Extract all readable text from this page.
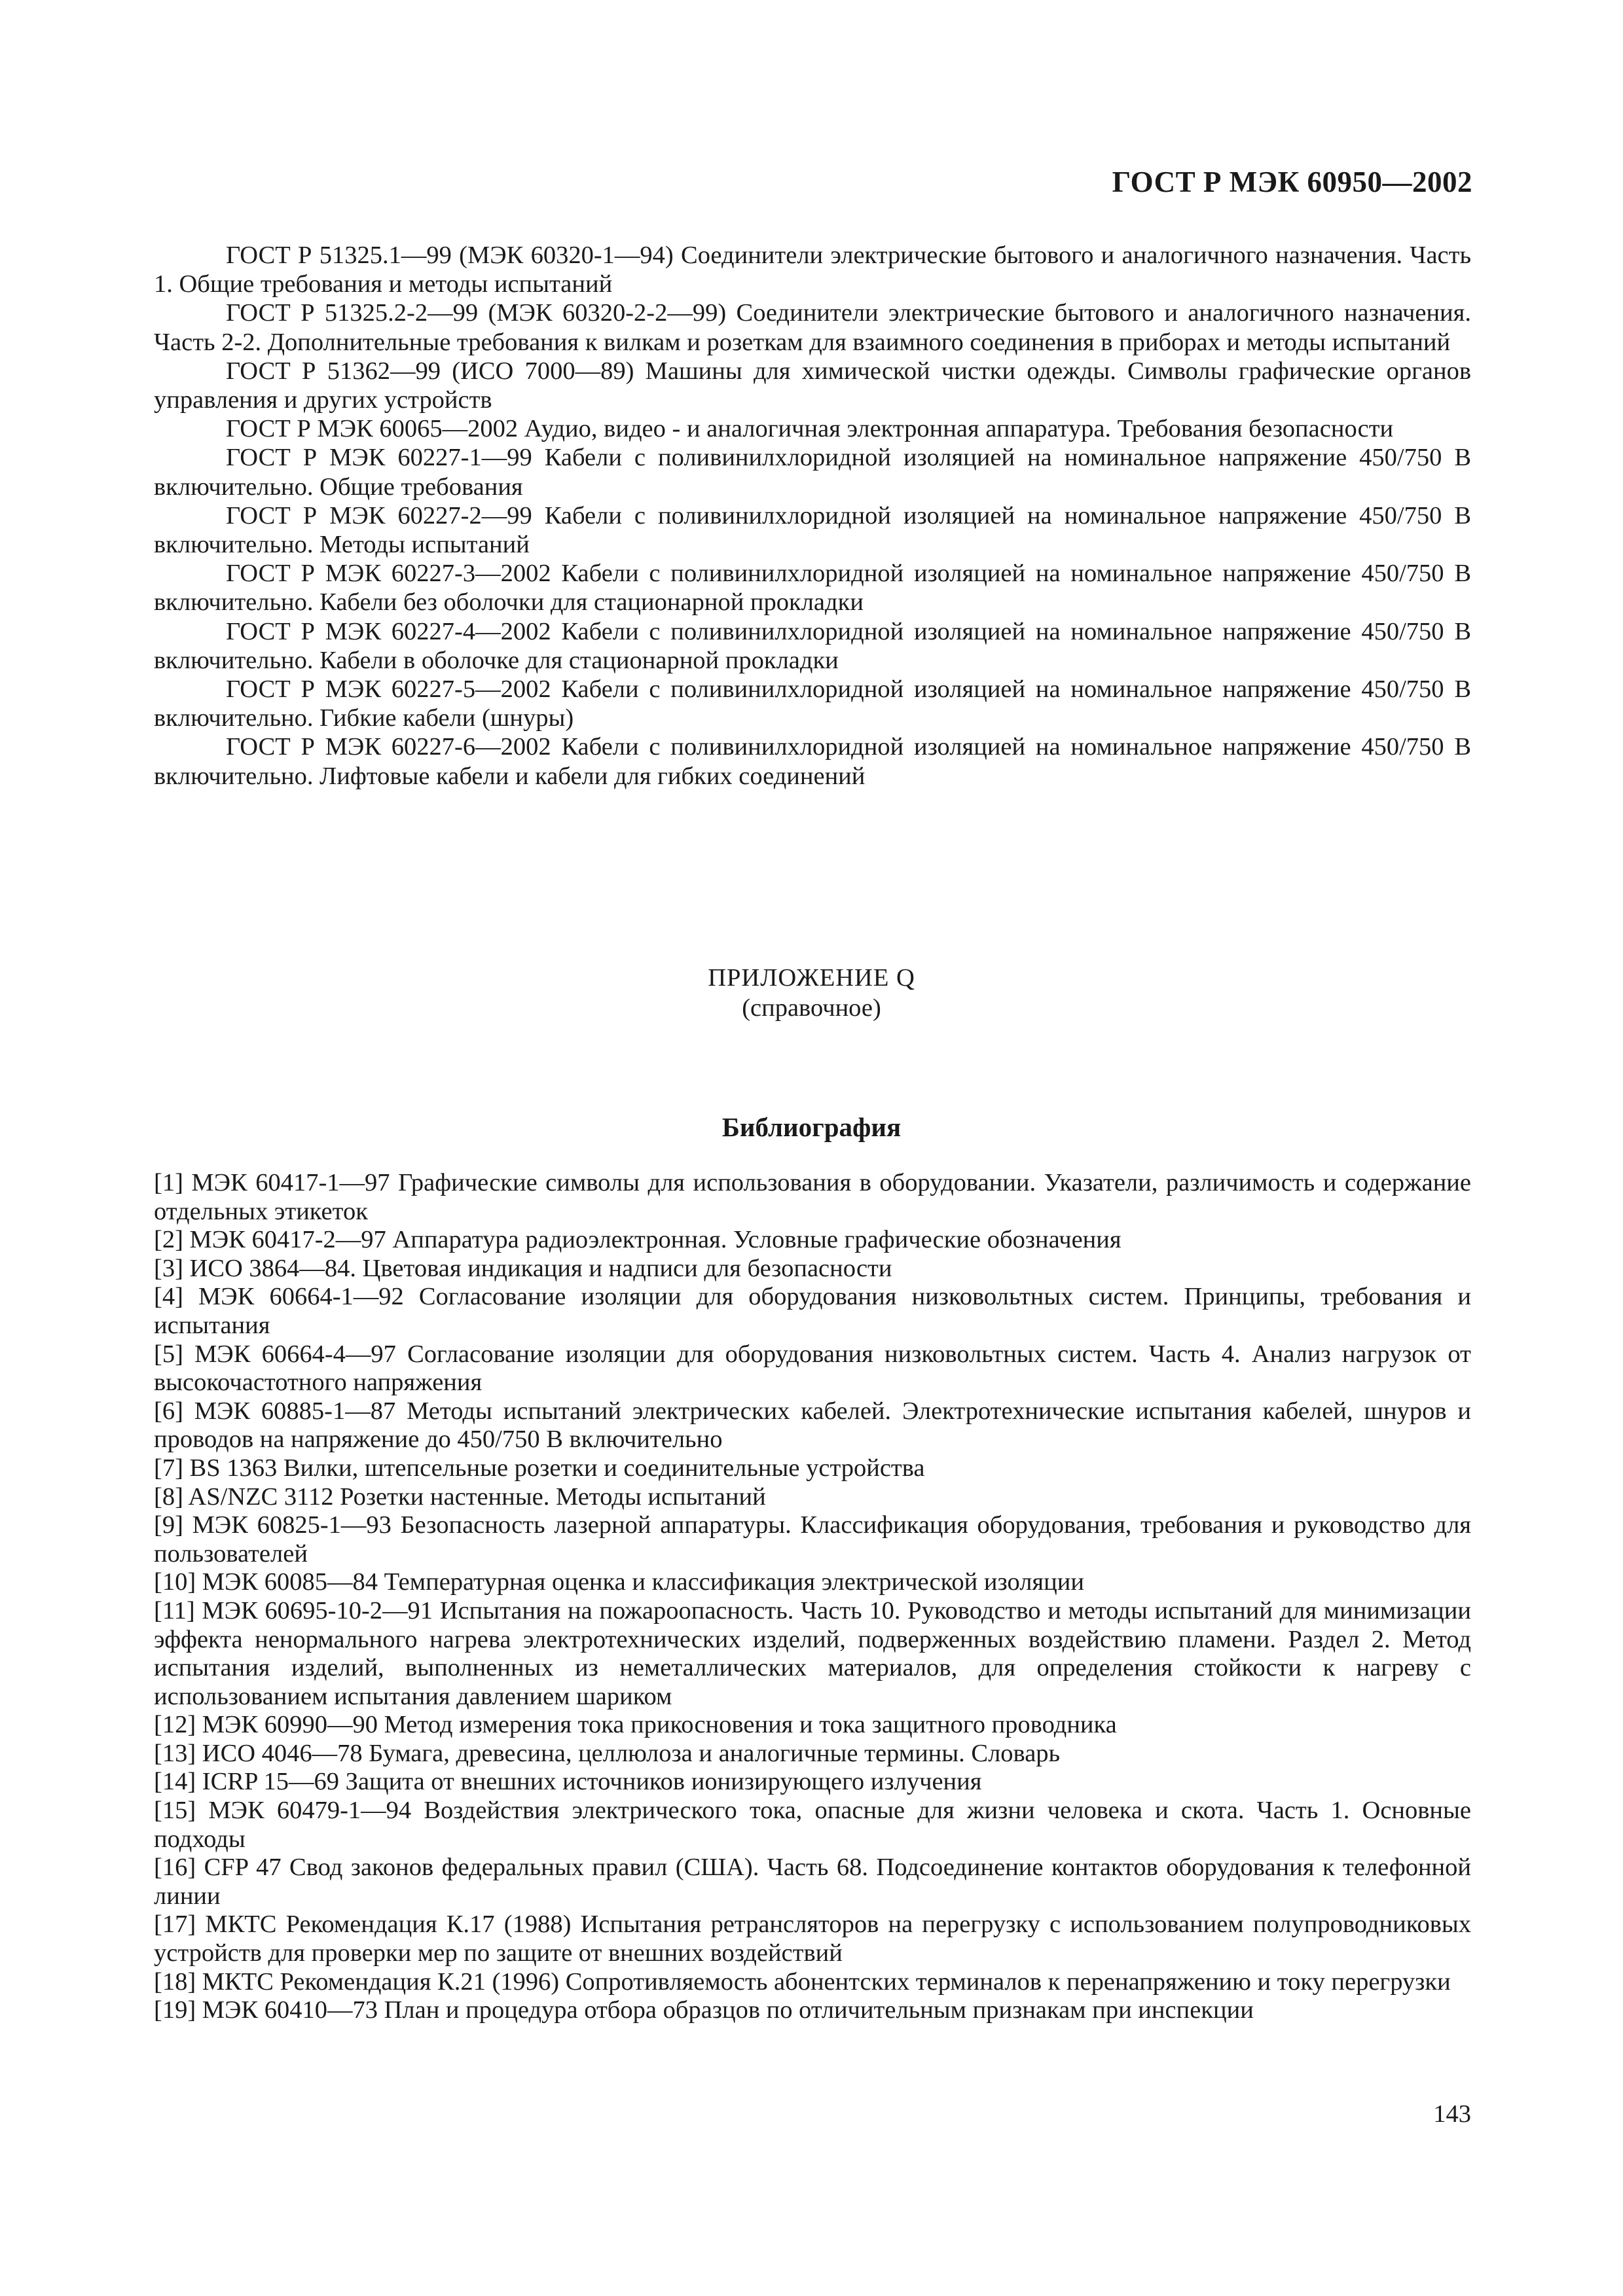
ГОСТ Р МЭК 60950—2002

ГОСТ Р 51325.1—99 (МЭК 60320-1—94) Соединители электрические бытового и аналогичного назначения. Часть 1. Общие требования и методы испытаний

ГОСТ Р 51325.2-2—99 (МЭК 60320-2-2—99) Соединители электрические бытового и аналогичного назначения. Часть 2-2. Дополнительные требования к вилкам и розеткам для взаимного соединения в приборах и методы испытаний

ГОСТ Р 51362—99 (ИСО 7000—89) Машины для химической чистки одежды. Символы графические органов управления и других устройств

ГОСТ Р МЭК 60065—2002 Аудио, видео - и аналогичная электронная аппаратура. Требования безопасности

ГОСТ Р МЭК 60227-1—99 Кабели с поливинилхлоридной изоляцией на номинальное напряжение 450/750 В включительно. Общие требования

ГОСТ Р МЭК 60227-2—99 Кабели с поливинилхлоридной изоляцией на номинальное напряжение 450/750 В включительно. Методы испытаний

ГОСТ Р МЭК 60227-3—2002 Кабели с поливинилхлоридной изоляцией на номинальное напряжение 450/750 В включительно. Кабели без оболочки для стационарной прокладки

ГОСТ Р МЭК 60227-4—2002 Кабели с поливинилхлоридной изоляцией на номинальное напряжение 450/750 В включительно. Кабели в оболочке для стационарной прокладки

ГОСТ Р МЭК 60227-5—2002 Кабели с поливинилхлоридной изоляцией на номинальное напряжение 450/750 В включительно. Гибкие кабели (шнуры)

ГОСТ Р МЭК 60227-6—2002 Кабели с поливинилхлоридной изоляцией на номинальное напряжение 450/750 В включительно. Лифтовые кабели и кабели для гибких соединений

ПРИЛОЖЕНИЕ Q
(справочное)
Библиография

[1] МЭК 60417-1—97 Графические символы для использования в оборудовании. Указатели, различимость и содержание отдельных этикеток

[2] МЭК 60417-2—97 Аппаратура радиоэлектронная. Условные графические обозначения

[3] ИСО 3864—84. Цветовая индикация и надписи для безопасности

[4] МЭК 60664-1—92 Согласование изоляции для оборудования низковольтных систем. Принципы, требования и испытания

[5] МЭК 60664-4—97 Согласование изоляции для оборудования низковольтных систем. Часть 4. Анализ нагрузок от высокочастотного напряжения

[6] МЭК 60885-1—87 Методы испытаний электрических кабелей. Электротехнические испытания кабелей, шнуров и проводов на напряжение до 450/750 В включительно

[7] BS 1363 Вилки, штепсельные розетки и соединительные устройства

[8] AS/NZC 3112 Розетки настенные. Методы испытаний

[9] МЭК 60825-1—93 Безопасность лазерной аппаратуры. Классификация оборудования, требования и руководство для пользователей

[10] МЭК 60085—84 Температурная оценка и классификация электрической изоляции

[11] МЭК 60695-10-2—91 Испытания на пожароопасность. Часть 10. Руководство и методы испытаний для минимизации эффекта ненормального нагрева электротехнических изделий, подверженных воздействию пламени. Раздел 2. Метод испытания изделий, выполненных из неметаллических материалов, для определения стойкости к нагреву с использованием испытания давлением шариком

[12] МЭК 60990—90 Метод измерения тока прикосновения и тока защитного проводника

[13] ИСО 4046—78 Бумага, древесина, целлюлоза и аналогичные термины. Словарь

[14] ICRP 15—69 Защита от внешних источников ионизирующего излучения

[15] МЭК 60479-1—94 Воздействия электрического тока, опасные для жизни человека и скота. Часть 1. Основные подходы

[16] CFP 47 Свод законов федеральных правил (США). Часть 68. Подсоединение контактов оборудования к телефонной линии

[17] МКТС Рекомендация К.17 (1988) Испытания ретрансляторов на перегрузку с использованием полупроводниковых устройств для проверки мер по защите от внешних воздействий

[18] МКТС Рекомендация К.21 (1996) Сопротивляемость абонентских терминалов к перенапряжению и току перегрузки

[19] МЭК 60410—73 План и процедура отбора образцов по отличительным признакам при инспекции

143
